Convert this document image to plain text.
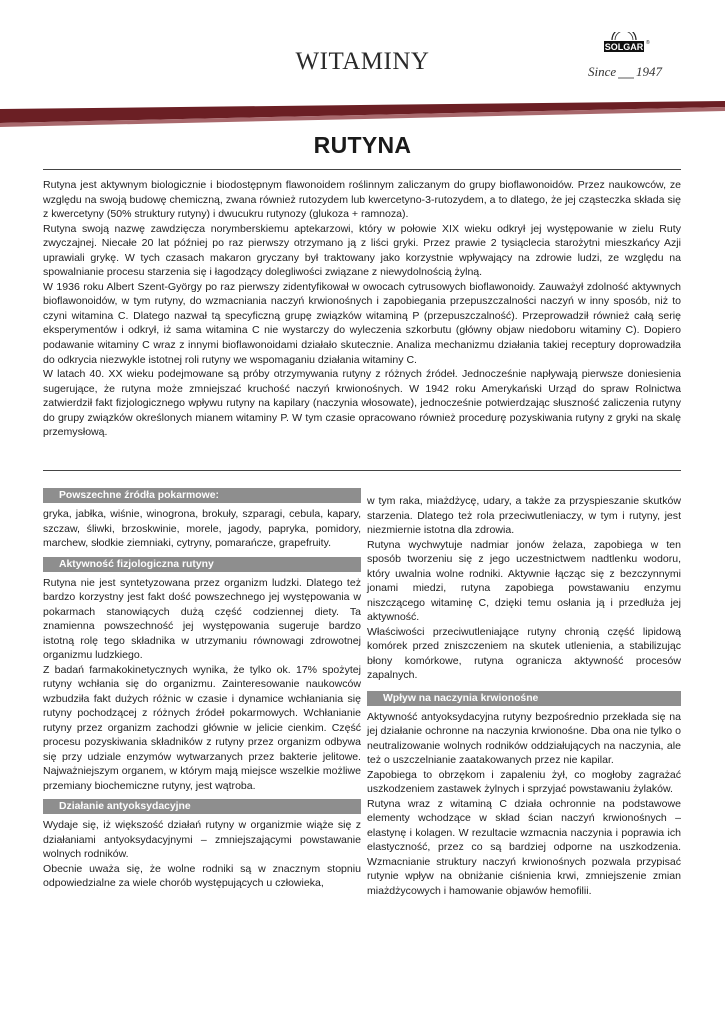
WITAMINY
SOLGAR ®
Since 1947
RUTYNA

Rutyna jest aktywnym biologicznie i biodostępnym flawonoidem roślinnym zaliczanym do grupy bioflawonoidów. Przez naukowców, ze względu na swoją budowę chemiczną, zwana również rutozydem lub kwercetyno-3-rutozydem, a to dlatego, że jej cząsteczka składa się z kwercetyny (50% struktury rutyny) i dwucukru rutynozy (glukoza + ramnoza).

Rutyna swoją nazwę zawdzięcza norymberskiemu aptekarzowi, który w połowie XIX wieku odkrył jej występowanie w zielu Ruty zwyczajnej. Niecałe 20 lat później po raz pierwszy otrzymano ją z liści gryki. Przez prawie 2 tysiąclecia starożytni mieszkańcy Azji uprawiali grykę. W tych czasach makaron gryczany był traktowany jako korzystnie wpływający na zdrowie ludzi, ze względu na spowalnianie procesu starzenia się i łagodzący dolegliwości związane z niewydolnością żylną.

W 1936 roku Albert Szent-György po raz pierwszy zidentyfikował w owocach cytrusowych bioflawonoidy. Zauważył zdolność aktywnych bioflawonoidów, w tym rutyny, do wzmacniania naczyń krwionośnych i zapobiegania przepuszczalności naczyń w inny sposób, niż to czyni witamina C. Dlatego nazwał tą specyficzną grupę związków witaminą P (przepuszczalność). Przeprowadził również całą serię eksperymentów i odkrył, iż sama witamina C nie wystarczy do wyleczenia szkorbutu (główny objaw niedoboru witaminy C). Dopiero podawanie witaminy C wraz z innymi bioflawonoidami działało skutecznie. Analiza mechanizmu działania takiej receptury doprowadziła do odkrycia niezwykle istotnej roli rutyny we wspomaganiu działania witaminy C.

W latach 40. XX wieku podejmowane są próby otrzymywania rutyny z różnych źródeł. Jednocześnie napływają pierwsze doniesienia sugerujące, że rutyna może zmniejszać kruchość naczyń krwionośnych. W 1942 roku Amerykański Urząd do spraw Rolnictwa zatwierdził fakt fizjologicznego wpływu rutyny na kapilary (naczynia włosowate), jednocześnie potwierdzając słuszność zaliczenia rutyny do grupy związków określonych mianem witaminy P. W tym czasie opracowano również procedurę pozyskiwania rutyny z gryki na skalę przemysłową.

Powszechne źródła pokarmowe:

gryka, jabłka, wiśnie, winogrona, brokuły, szparagi, cebula, kapary, szczaw, śliwki, brzoskwinie, morele, jagody, papryka, pomidory, marchew, słodkie ziemniaki, cytryny, pomarańcze, grapefruity.

Aktywność fizjologiczna rutyny

Rutyna nie jest syntetyzowana przez organizm ludzki. Dlatego też bardzo korzystny jest fakt dość powszechnego jej występowania w pokarmach stanowiących dużą część codziennej diety. Ta znamienna powszechność jej występowania sugeruje bardzo istotną rolę tego składnika w utrzymaniu równowagi zdrowotnej organizmu ludzkiego.

Z badań farmakokinetycznych wynika, że tylko ok. 17% spożytej rutyny wchłania się do organizmu. Zainteresowanie naukowców wzbudziła fakt dużych różnic w czasie i dynamice wchłaniania się rutyny pochodzącej z różnych źródeł pokarmowych. Wchłanianie rutyny przez organizm zachodzi głównie w jelicie cienkim. Część procesu pozyskiwania składników z rutyny przez organizm odbywa się przy udziale enzymów wytwarzanych przez bakterie jelitowe. Najważniejszym organem, w którym mają miejsce wszelkie możliwe przemiany biochemiczne rutyny, jest wątroba.

Działanie antyoksydacyjne

Wydaje się, iż większość działań rutyny w organizmie wiąże się z działaniami antyoksydacyjnymi – zmniejszającymi powstawanie wolnych rodników.

Obecnie uważa się, że wolne rodniki są w znacznym stopniu odpowiedzialne za wiele chorób występujących u człowieka,

w tym raka, miażdżycę, udary, a także za przyspieszanie skutków starzenia. Dlatego też rola przeciwutleniaczy, w tym i rutyny, jest niezmiernie istotna dla zdrowia.

Rutyna wychwytuje nadmiar jonów żelaza, zapobiega w ten sposób tworzeniu się z jego uczestnictwem nadtlenku wodoru, który uwalnia wolne rodniki. Aktywnie łącząc się z bezczynnymi jonami miedzi, rutyna zapobiega powstawaniu enzymu niszczącego witaminę C, dzięki temu osłania ją i przedłuża jej aktywność.

Właściwości przeciwutleniające rutyny chronią część lipidową komórek przed zniszczeniem na skutek utlenienia, a stabilizując błony komórkowe, rutyna ogranicza aktywność procesów zapalnych.

Wpływ na naczynia krwionośne

Aktywność antyoksydacyjna rutyny bezpośrednio przekłada się na jej działanie ochronne na naczynia krwionośne. Dba ona nie tylko o neutralizowanie wolnych rodników oddziałujących na naczynia, ale też o uszczelnianie zaatakowanych przez nie kapilar.

Zapobiega to obrzękom i zapaleniu żył, co mogłoby zagrażać uszkodzeniem zastawek żylnych i sprzyjać powstawaniu żylaków.

Rutyna wraz z witaminą C działa ochronnie na podstawowe elementy wchodzące w skład ścian naczyń krwionośnych – elastynę i kolagen. W rezultacie wzmacnia naczynia i poprawia ich elastyczność, przez co są bardziej odporne na uszkodzenia. Wzmacnianie struktury naczyń krwionośnych pozwala przypisać rutynie wpływ na obniżanie ciśnienia krwi, zmniejszenie zmian miażdżycowych i hamowanie objawów hemofilii.
